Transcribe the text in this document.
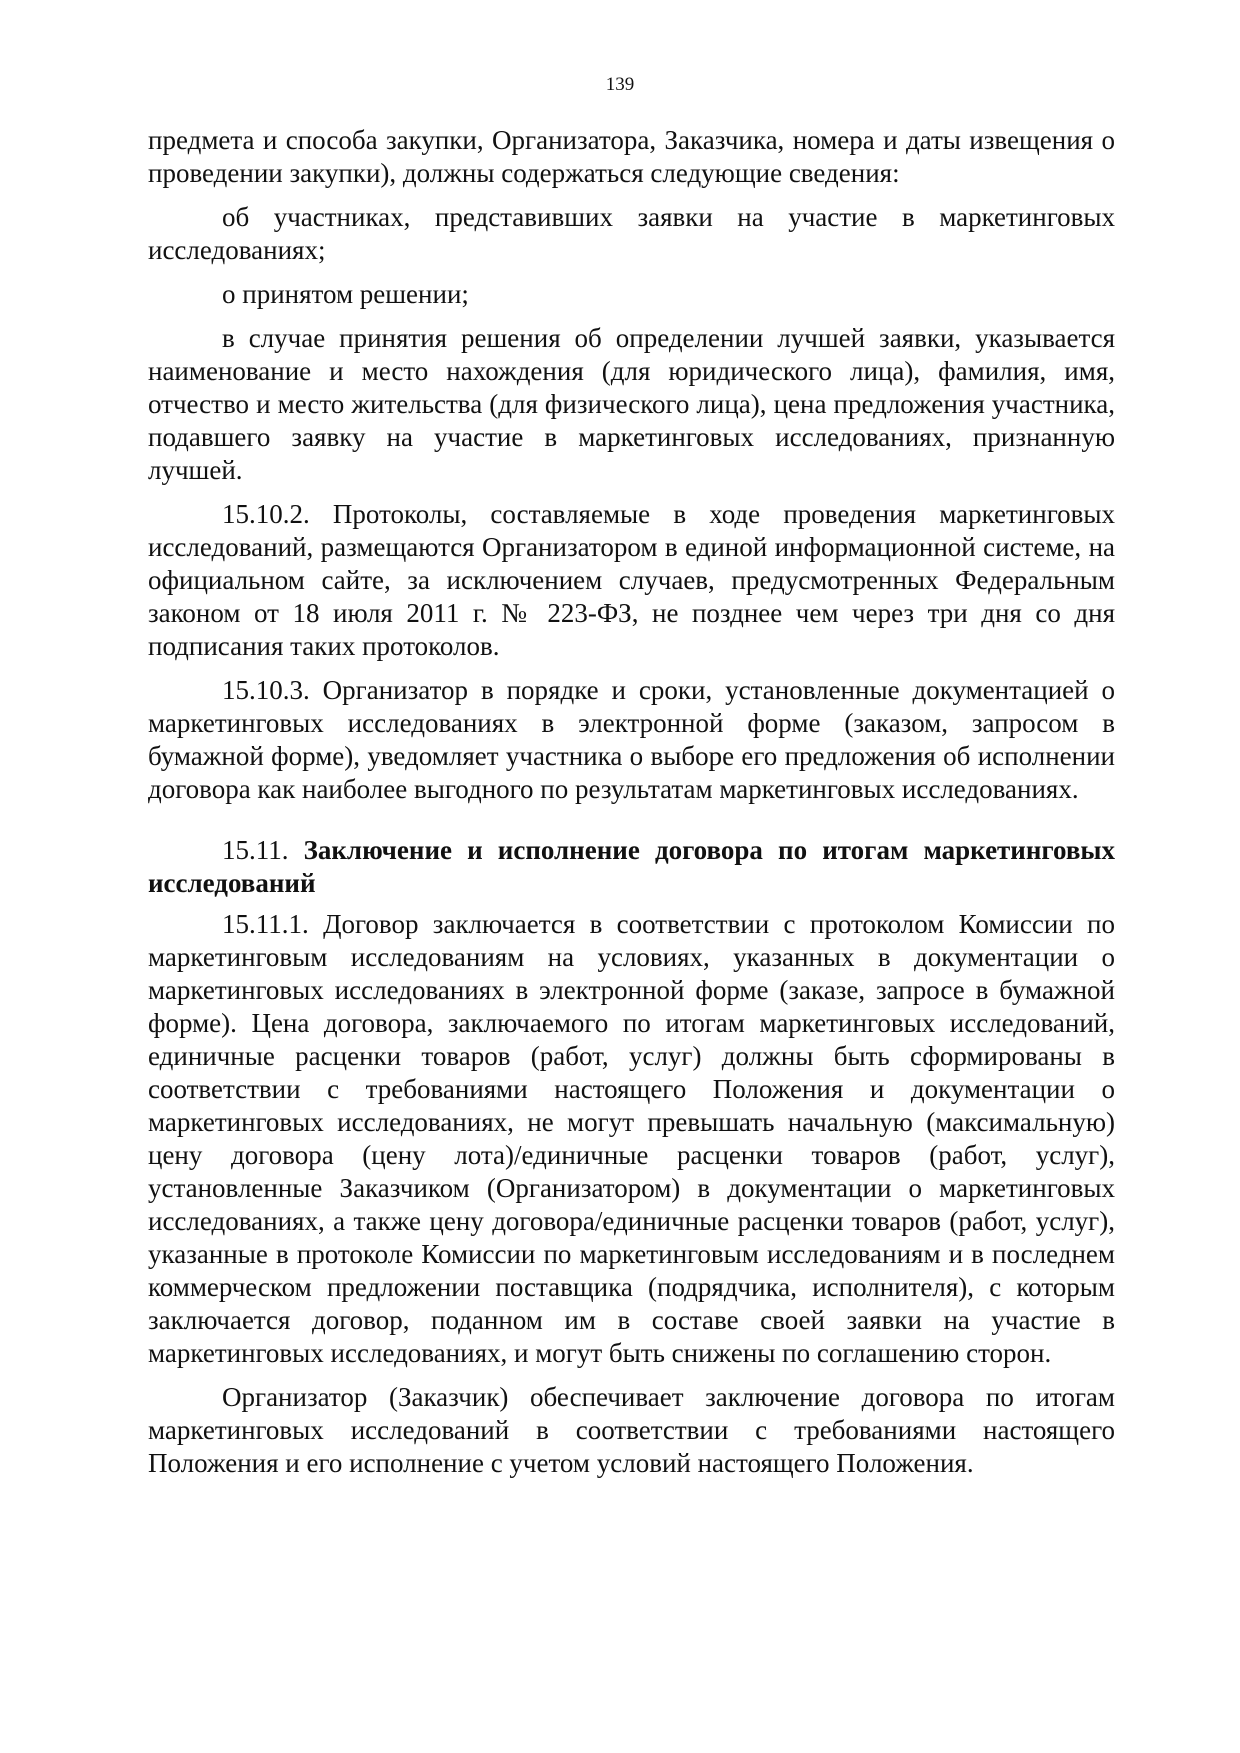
139

предмета и способа закупки, Организатора, Заказчика, номера и даты извещения о проведении закупки), должны содержаться следующие сведения:

об участниках, представивших заявки на участие в маркетинговых исследованиях;

о принятом решении;

в случае принятия решения об определении лучшей заявки, указывается наименование и место нахождения (для юридического лица), фамилия, имя, отчество и место жительства (для физического лица), цена предложения участника, подавшего заявку на участие в маркетинговых исследованиях, признанную лучшей.

15.10.2. Протоколы, составляемые в ходе проведения маркетинговых исследований, размещаются Организатором в единой информационной системе, на официальном сайте, за исключением случаев, предусмотренных Федеральным законом от 18 июля 2011 г. № 223-ФЗ, не позднее чем через три дня со дня подписания таких протоколов.

15.10.3. Организатор в порядке и сроки, установленные документацией о маркетинговых исследованиях в электронной форме (заказом, запросом в бумажной форме), уведомляет участника о выборе его предложения об исполнении договора как наиболее выгодного по результатам маркетинговых исследованиях.

15.11. Заключение и исполнение договора по итогам маркетинговых исследований

15.11.1. Договор заключается в соответствии с протоколом Комиссии по маркетинговым исследованиям на условиях, указанных в документации о маркетинговых исследованиях в электронной форме (заказе, запросе в бумажной форме). Цена договора, заключаемого по итогам маркетинговых исследований, единичные расценки товаров (работ, услуг) должны быть сформированы в соответствии с требованиями настоящего Положения и документации о маркетинговых исследованиях, не могут превышать начальную (максимальную) цену договора (цену лота)/единичные расценки товаров (работ, услуг), установленные Заказчиком (Организатором) в документации о маркетинговых исследованиях, а также цену договора/единичные расценки товаров (работ, услуг), указанные в протоколе Комиссии по маркетинговым исследованиям и в последнем коммерческом предложении поставщика (подрядчика, исполнителя), с которым заключается договор, поданном им в составе своей заявки на участие в маркетинговых исследованиях, и могут быть снижены по соглашению сторон.

Организатор (Заказчик) обеспечивает заключение договора по итогам маркетинговых исследований в соответствии с требованиями настоящего Положения и его исполнение с учетом условий настоящего Положения.
